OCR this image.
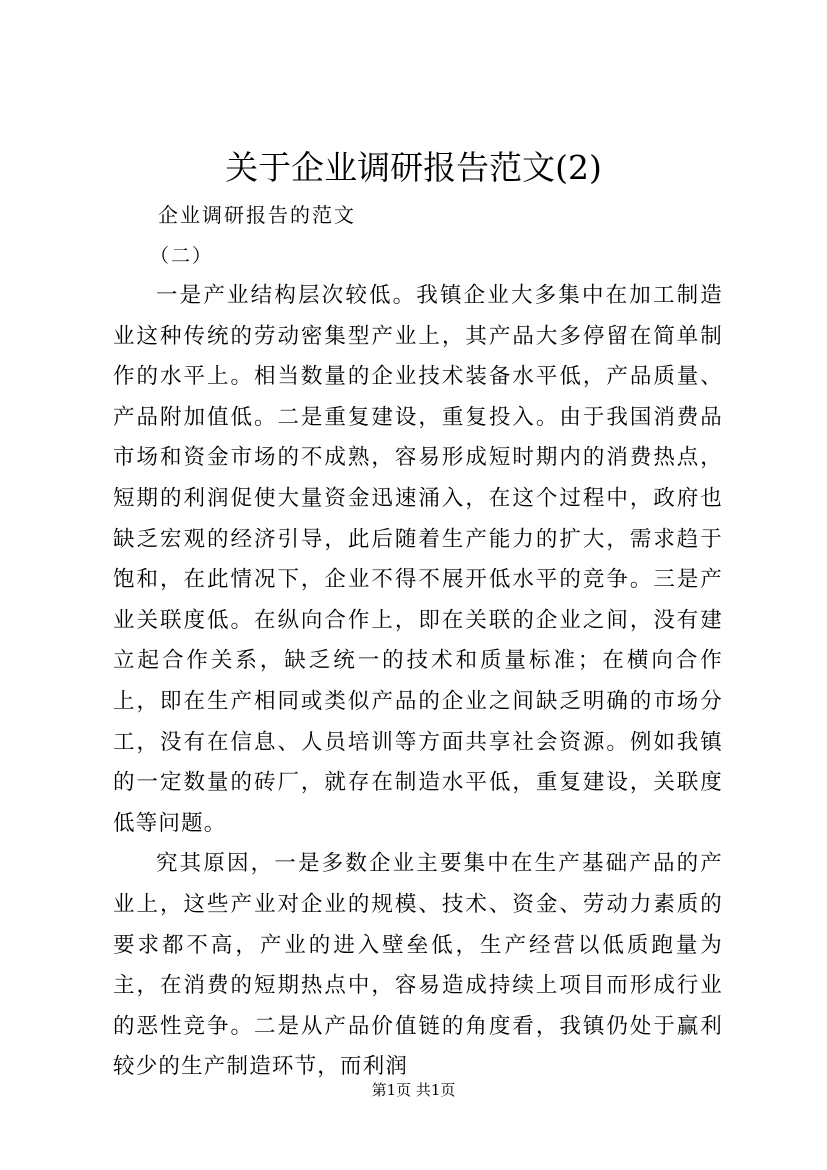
关于企业调研报告范文(2)
企业调研报告的范文
（二）

一是产业结构层次较低。我镇企业大多集中在加工制造业这种传统的劳动密集型产业上，其产品大多停留在简单制作的水平上。相当数量的企业技术装备水平低，产品质量、产品附加值低。二是重复建设，重复投入。由于我国消费品市场和资金市场的不成熟，容易形成短时期内的消费热点，短期的利润促使大量资金迅速涌入，在这个过程中，政府也缺乏宏观的经济引导，此后随着生产能力的扩大，需求趋于饱和，在此情况下，企业不得不展开低水平的竞争。三是产业关联度低。在纵向合作上，即在关联的企业之间，没有建立起合作关系，缺乏统一的技术和质量标准；在横向合作上，即在生产相同或类似产品的企业之间缺乏明确的市场分工，没有在信息、人员培训等方面共享社会资源。例如我镇的一定数量的砖厂，就存在制造水平低，重复建设，关联度低等问题。

究其原因，一是多数企业主要集中在生产基础产品的产业上，这些产业对企业的规模、技术、资金、劳动力素质的要求都不高，产业的进入壁垒低，生产经营以低质跑量为主，在消费的短期热点中，容易造成持续上项目而形成行业的恶性竞争。二是从产品价值链的角度看，我镇仍处于赢利较少的生产制造环节，而利润

第1页 共1页
